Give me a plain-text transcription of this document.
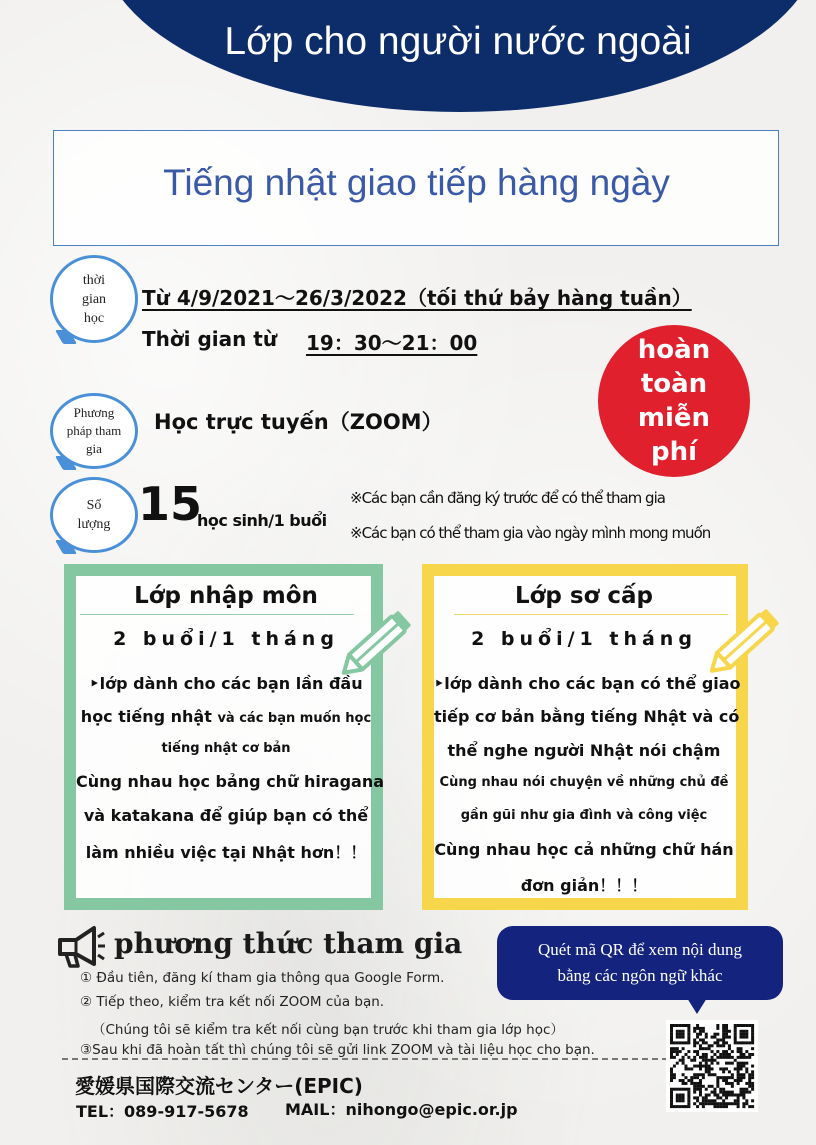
Lớp cho người nước ngoài
Tiếng nhật giao tiếp hàng ngày
thời
gian
học
Từ 4/9/2021～26/3/2022（tối thứ bảy hàng tuần）
Thời gian từ 19：30～21：00
Phương
pháp tham
gia
Học trực tuyến（ZOOM）
hoàn
toàn
miễn
phí
Số
lượng 15
học sinh/1 buổi
※Các bạn cần đăng ký trước để có thể tham gia
※Các bạn có thể tham gia vào ngày mình mong muốn
Lớp nhập môn
2 buổi/1 tháng
‣lớp dành cho các bạn lần đầu
học tiếng nhật và các bạn muốn học
tiếng nhật cơ bản
Cùng nhau học bảng chữ hiragana
và katakana để giúp bạn có thể
làm nhiều việc tại Nhật hơn！！
Lớp sơ cấp
2 buổi/1 tháng
‣lớp dành cho các bạn có thể giao
tiếp cơ bản bằng tiếng Nhật và có
thể nghe người Nhật nói chậm
Cùng nhau nói chuyện về những chủ đề
gần gũi như gia đình và công việc
Cùng nhau học cả những chữ hán
đơn giản！！！
phương thức tham gia
① Đầu tiên, đăng kí tham gia thông qua Google Form.
② Tiếp theo, kiểm tra kết nối ZOOM của bạn.
（Chúng tôi sẽ kiểm tra kết nối cùng bạn trước khi tham gia lớp học）
③Sau khi đã hoàn tất thì chúng tôi sẽ gửi link ZOOM và tài liệu học cho bạn.
Quét mã QR để xem nội dung
bằng các ngôn ngữ khác
愛媛県国際交流センター(EPIC)
TEL：089-917-5678 MAIL：nihongo@epic.or.jp
